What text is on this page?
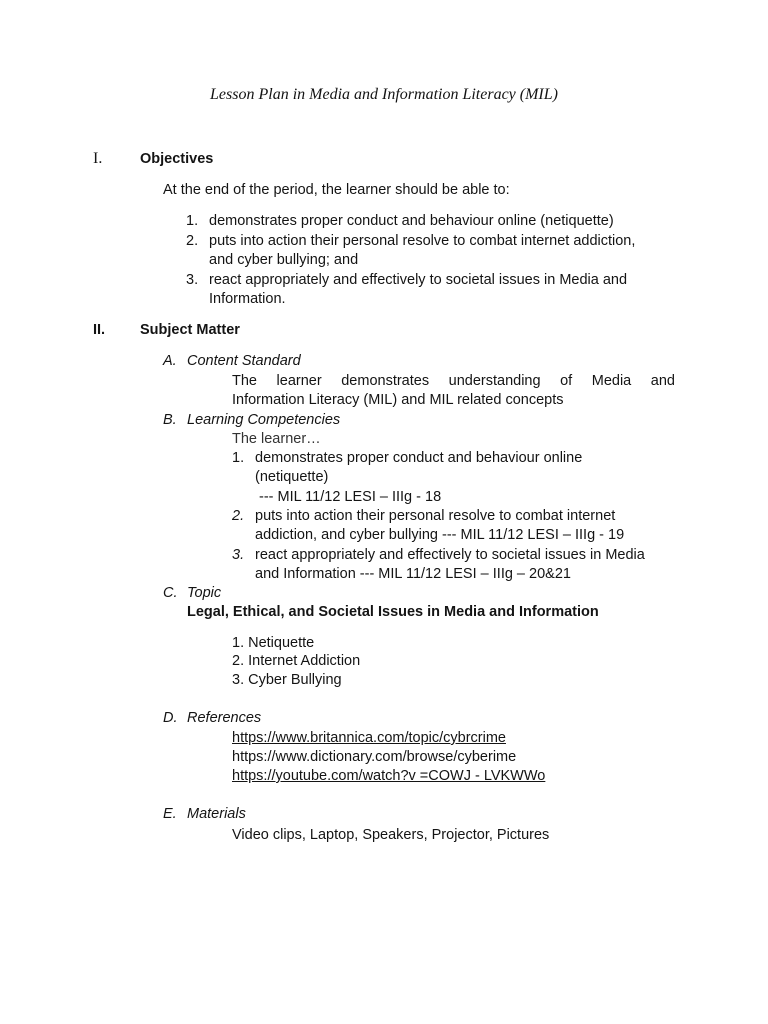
Lesson Plan in Media and Information Literacy (MIL)
I.	Objectives
At the end of the period, the learner should be able to:
1. demonstrates proper conduct and behaviour online (netiquette)
2. puts into action their personal resolve to combat internet addiction,
and cyber bullying; and
3. react appropriately and effectively to societal issues in Media and
Information.
II. Subject Matter
A. Content Standard
The learner demonstrates understanding of Media and
Information Literacy (MIL) and MIL related concepts
B. Learning Competencies
The learner…
1. demonstrates proper conduct and behaviour online
(netiquette)
--- MIL 11/12 LESI – IIIg - 18
2. puts into action their personal resolve to combat internet
addiction, and cyber bullying --- MIL 11/12 LESI – IIIg - 19
3. react appropriately and effectively to societal issues in Media
and Information --- MIL 11/12 LESI – IIIg – 20&21
C. Topic
Legal, Ethical, and Societal Issues in Media and Information
1. Netiquette
2. Internet Addiction
3. Cyber Bullying
D. References
https://www.britannica.com/topic/cybrcrime
https://www.dictionary.com/browse/cyberime
https://youtube.com/watch?v =COWJ - LVKWWo
E. Materials
Video clips, Laptop, Speakers, Projector, Pictures
